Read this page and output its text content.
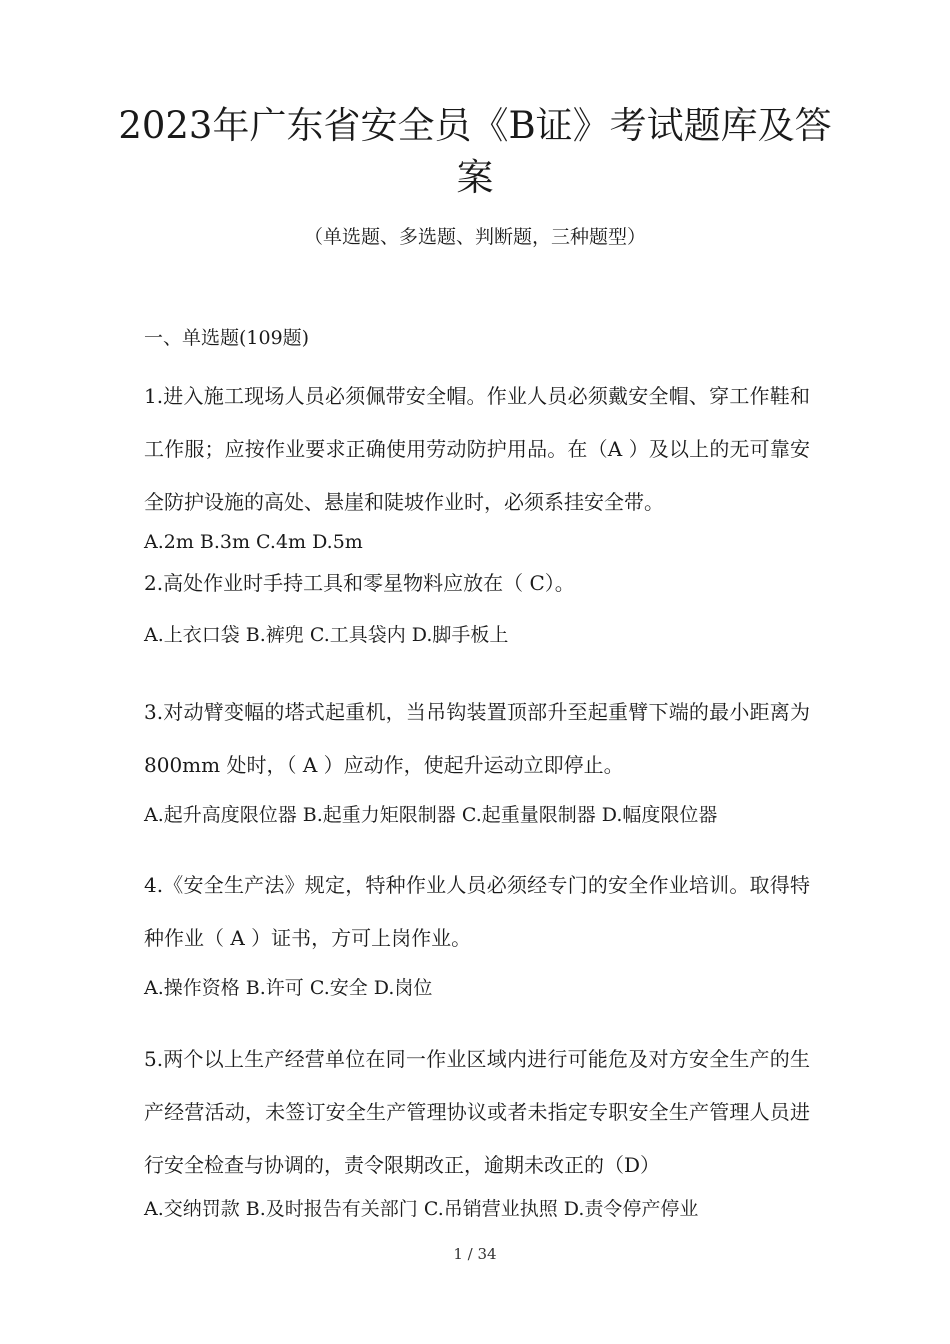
2023年广东省安全员《B证》考试题库及答案
（单选题、多选题、判断题，三种题型）
一、单选题(109题)

1.进入施工现场人员必须佩带安全帽。作业人员必须戴安全帽、穿工作鞋和工作服；应按作业要求正确使用劳动防护用品。在（A ）及以上的无可靠安全防护设施的高处、悬崖和陡坡作业时，必须系挂安全带。

A.2m B.3m C.4m D.5m

2.高处作业时手持工具和零星物料应放在（ C）。

A.上衣口袋 B.裤兜 C.工具袋内 D.脚手板上

3.对动臂变幅的塔式起重机，当吊钩装置顶部升至起重臂下端的最小距离为800mm 处时，（ A ）应动作，使起升运动立即停止。

A.起升高度限位器 B.起重力矩限制器 C.起重量限制器 D.幅度限位器

4.《安全生产法》规定，特种作业人员必须经专门的安全作业培训。取得特种作业（ A ）证书，方可上岗作业。

A.操作资格 B.许可 C.安全 D.岗位

5.两个以上生产经营单位在同一作业区域内进行可能危及对方安全生产的生产经营活动，未签订安全生产管理协议或者未指定专职安全生产管理人员进行安全检查与协调的，责令限期改正，逾期未改正的（D）

A.交纳罚款 B.及时报告有关部门 C.吊销营业执照 D.责令停产停业

1 / 34
